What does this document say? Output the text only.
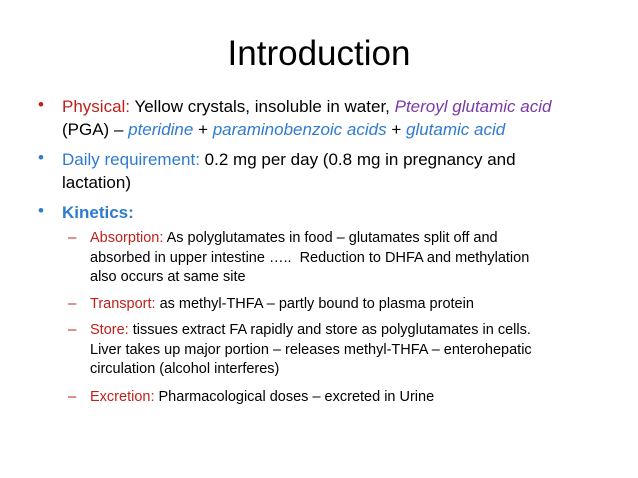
Introduction
• Physical: Yellow crystals, insoluble in water, Pteroyl glutamic acid
(PGA) – pteridine + paraminobenzoic acids + glutamic acid
• Daily requirement: 0.2 mg per day (0.8 mg in pregnancy and
lactation)
• Kinetics:
– Absorption: As polyglutamates in food – glutamates split off and
absorbed in upper intestine …..  Reduction to DHFA and methylation
also occurs at same site
– Transport: as methyl-THFA – partly bound to plasma protein
– Store: tissues extract FA rapidly and store as polyglutamates in cells.
Liver takes up major portion – releases methyl-THFA – enterohepatic
circulation (alcohol interferes)
– Excretion: Pharmacological doses – excreted in Urine
